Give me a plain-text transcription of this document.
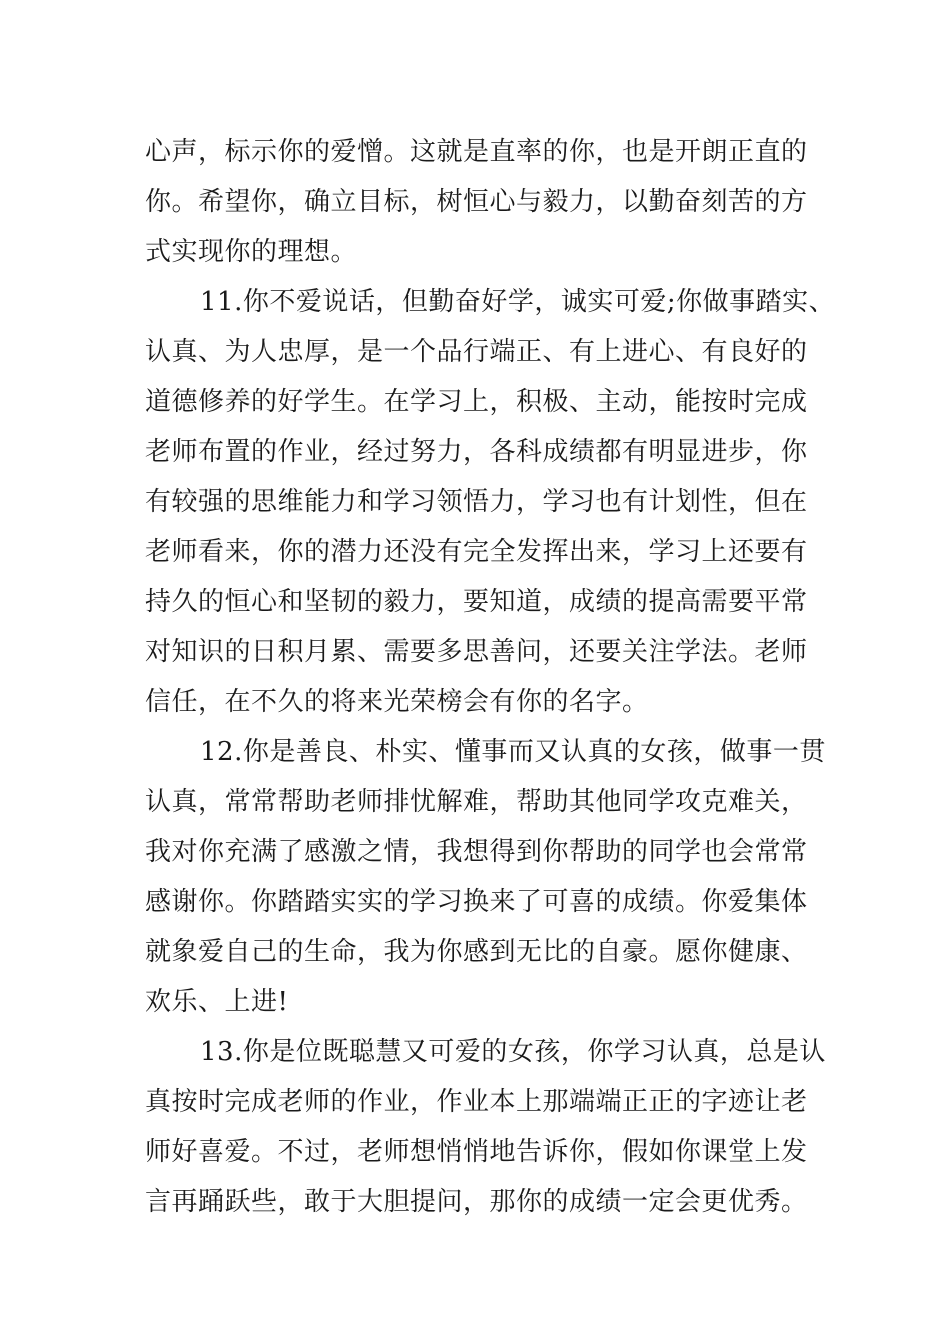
心声，标示你的爱憎。这就是直率的你，也是开朗正直的
你。希望你，确立目标，树恒心与毅力，以勤奋刻苦的方
式实现你的理想。
11.你不爱说话，但勤奋好学，诚实可爱;你做事踏实、
认真、为人忠厚，是一个品行端正、有上进心、有良好的
道德修养的好学生。在学习上，积极、主动，能按时完成
老师布置的作业，经过努力，各科成绩都有明显进步，你
有较强的思维能力和学习领悟力，学习也有计划性，但在
老师看来，你的潜力还没有完全发挥出来，学习上还要有
持久的恒心和坚韧的毅力，要知道，成绩的提高需要平常
对知识的日积月累、需要多思善问，还要关注学法。老师
信任，在不久的将来光荣榜会有你的名字。
12.你是善良、朴实、懂事而又认真的女孩，做事一贯
认真，常常帮助老师排忧解难，帮助其他同学攻克难关，
我对你充满了感激之情，我想得到你帮助的同学也会常常
感谢你。你踏踏实实的学习换来了可喜的成绩。你爱集体
就象爱自己的生命，我为你感到无比的自豪。愿你健康、
欢乐、上进!
13.你是位既聪慧又可爱的女孩，你学习认真，总是认
真按时完成老师的作业，作业本上那端端正正的字迹让老
师好喜爱。不过，老师想悄悄地告诉你，假如你课堂上发
言再踊跃些，敢于大胆提问，那你的成绩一定会更优秀。
